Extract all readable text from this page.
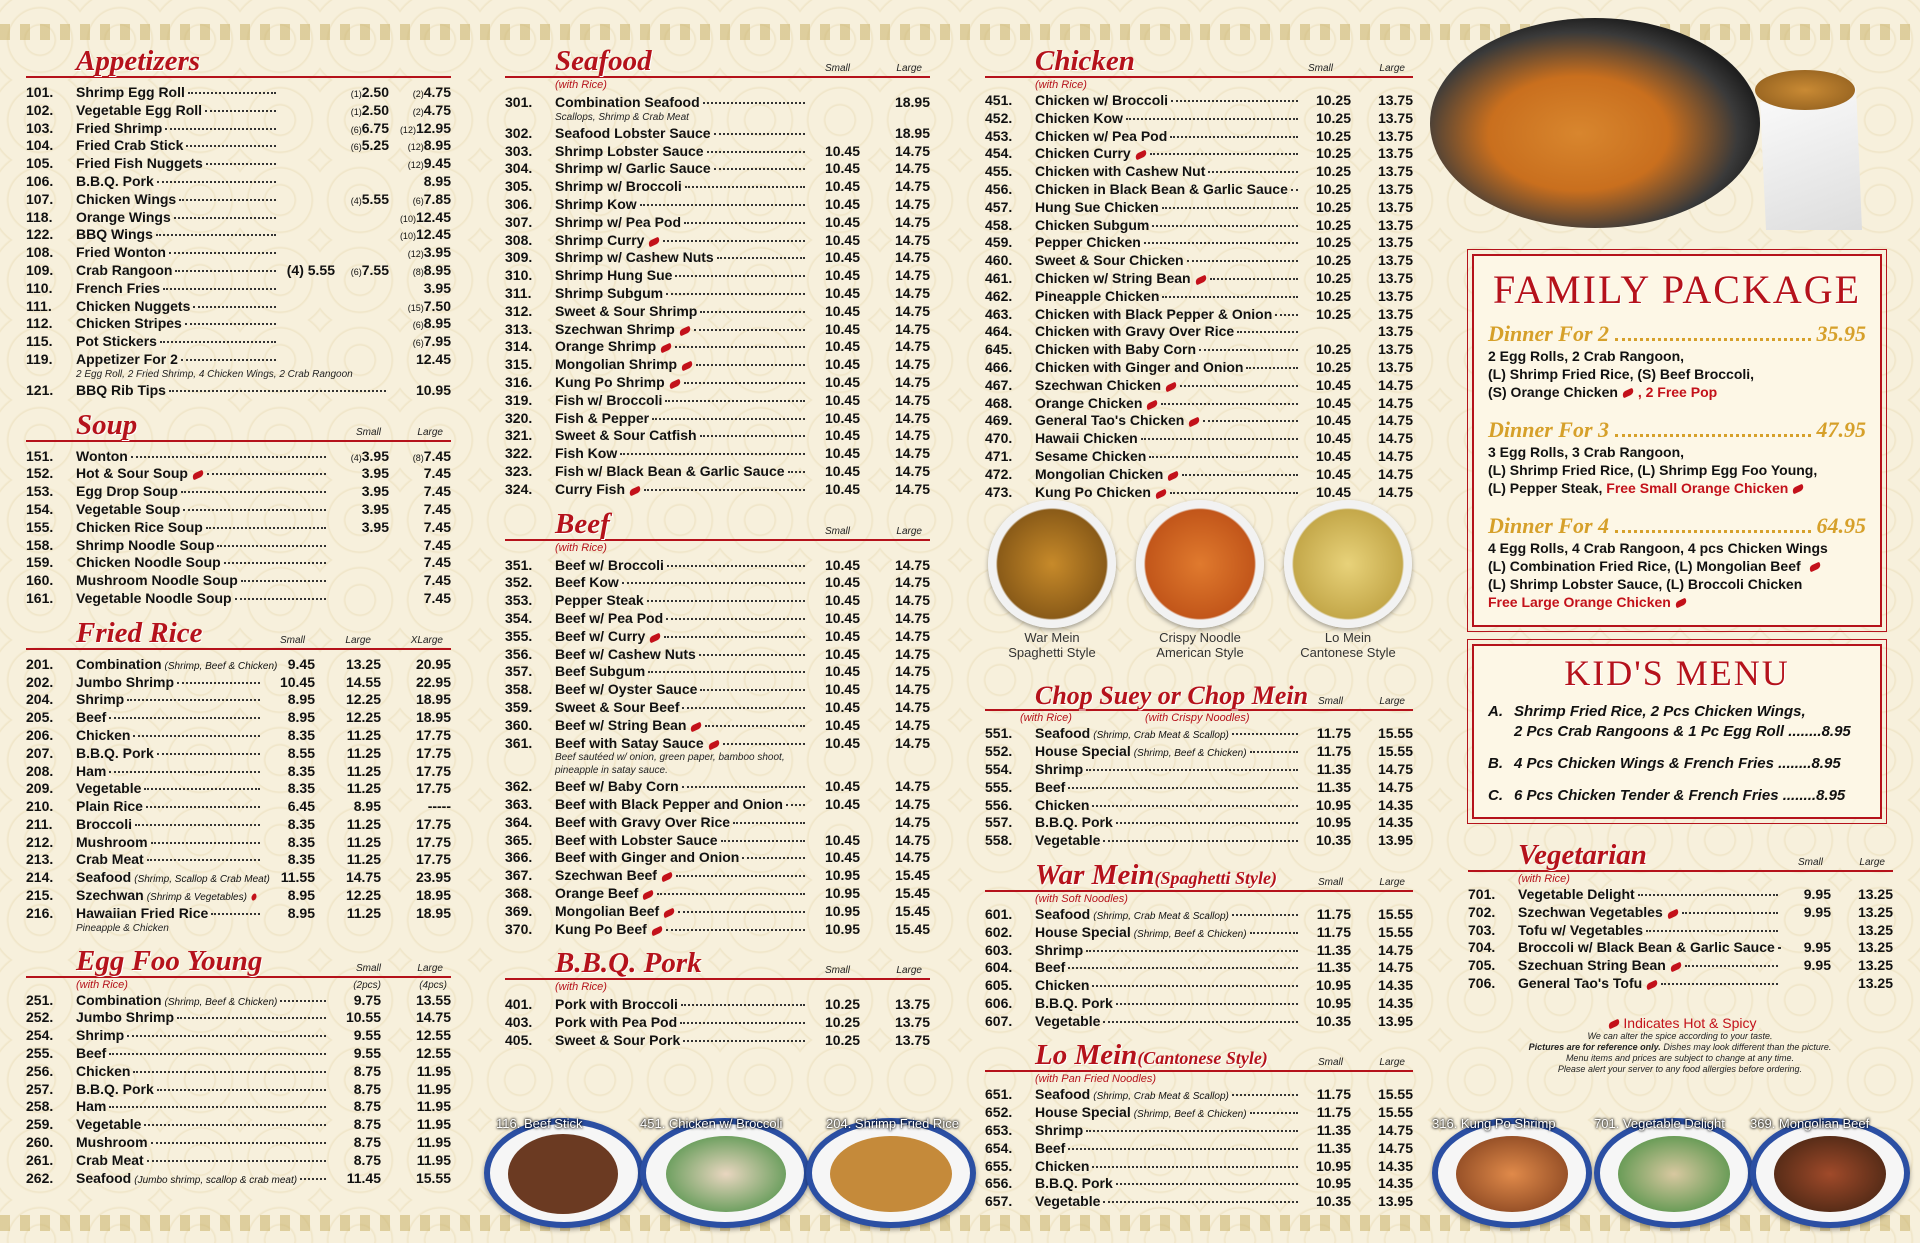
Appetizers
101.	Shrimp Egg Roll	(1)2.50	(2)4.75
102.	Vegetable Egg Roll	(1)2.50	(2)4.75
103.	Fried Shrimp	(6)6.75	(12)12.95
104.	Fried Crab Stick	(6)5.25	(12)8.95
105.	Fried Fish Nuggets	(12)9.45
106.	B.B.Q. Pork	8.95
107.	Chicken Wings	(4)5.55	(6)7.85
118.	Orange Wings	(10)12.45
122.	BBQ Wings	(10)12.45
108.	Fried Wonton	(12)3.95
109.	Crab Rangoon	(4) 5.55	(6)7.55	(8)8.95
110.	French Fries	3.95
111.	Chicken Nuggets	(15)7.50
112.	Chicken Stripes	(6)8.95
115.	Pot Stickers	(6)7.95
119.	Appetizer For 2	12.45
2 Egg Roll, 2 Fried Shrimp, 4 Chicken Wings, 2 Crab Rangoon
121.	BBQ Rib Tips	10.95
Soup	Small	Large
151.	Wonton	(4)3.95	(8)7.45
152.	Hot & Sour Soup	3.95	7.45
153.	Egg Drop Soup	3.95	7.45
154.	Vegetable Soup	3.95	7.45
155.	Chicken Rice Soup	3.95	7.45
158.	Shrimp Noodle Soup	7.45
159.	Chicken Noodle Soup	7.45
160.	Mushroom Noodle Soup	7.45
161.	Vegetable Noodle Soup	7.45
Fried Rice	Small	Large	XLarge
201.	Combination (Shrimp, Beef & Chicken) 9.45	13.25	20.95
202.	Jumbo Shrimp	10.45	14.55	22.95
204.	Shrimp	8.95	12.25	18.95
205.	Beef	8.95	12.25	18.95
206.	Chicken	8.35	11.25	17.75
207.	B.B.Q. Pork	8.55	11.25	17.75
208.	Ham	8.35	11.25	17.75
209.	Vegetable	8.35	11.25	17.75
210.	Plain Rice	6.45	8.95	-----
211.	Broccoli	8.35	11.25	17.75
212.	Mushroom	8.35	11.25	17.75
213.	Crab Meat	8.35	11.25	17.75
214.	Seafood (Shrimp, Scallop & Crab Meat) 11.55	14.75	23.95
215.	Szechwan (Shrimp & Vegetables)	8.95	12.25	18.95
216.	Hawaiian Fried Rice	8.95	11.25	18.95
Pineapple & Chicken
Egg Foo Young
(with Rice)
Small	Large
(2pcs)	(4pcs)
251.	Combination (Shrimp, Beef & Chicken)	9.75	13.55
252.	Jumbo Shrimp	10.55	14.75
254.	Shrimp	9.55	12.55
255.	Beef	9.55	12.55
256.	Chicken	8.75	11.95
257.	B.B.Q. Pork	8.75	11.95
258.	Ham	8.75	11.95
259.	Vegetable	8.75	11.95
260.	Mushroom	8.75	11.95
261.	Crab Meat	8.75	11.95
262.	Seafood (Jumbo shrimp, scallop & crab meat)	11.45	15.55
Seafood
(with Rice)
Small	Large
301.	Combination Seafood	18.95
Scallops, Shrimp & Crab Meat
302.	Seafood Lobster Sauce	18.95
303.	Shrimp Lobster Sauce	10.45	14.75
304.	Shrimp w/ Garlic Sauce	10.45	14.75
305.	Shrimp w/ Broccoli	10.45	14.75
306.	Shrimp Kow	10.45	14.75
307.	Shrimp w/ Pea Pod	10.45	14.75
308.	Shrimp Curry	10.45	14.75
309.	Shrimp w/ Cashew Nuts	10.45	14.75
310.	Shrimp Hung Sue	10.45	14.75
311.	Shrimp Subgum	10.45	14.75
312.	Sweet & Sour Shrimp	10.45	14.75
313.	Szechwan Shrimp	10.45	14.75
314.	Orange Shrimp	10.45	14.75
315.	Mongolian Shrimp	10.45	14.75
316.	Kung Po Shrimp	10.45	14.75
319.	Fish w/ Broccoli	10.45	14.75
320.	Fish & Pepper	10.45	14.75
321.	Sweet & Sour Catfish	10.45	14.75
322.	Fish Kow	10.45	14.75
323.	Fish w/ Black Bean & Garlic Sauce	10.45	14.75
324.	Curry Fish	10.45	14.75
Beef
(with Rice)
Small	Large
351.	Beef w/ Broccoli	10.45	14.75
352.	Beef Kow	10.45	14.75
353.	Pepper Steak	10.45	14.75
354.	Beef w/ Pea Pod	10.45	14.75
355.	Beef w/ Curry	10.45	14.75
356.	Beef w/ Cashew Nuts	10.45	14.75
357.	Beef Subgum	10.45	14.75
358.	Beef w/ Oyster Sauce	10.45	14.75
359.	Sweet & Sour Beef	10.45	14.75
360.	Beef w/ String Bean	10.45	14.75
361.	Beef with Satay Sauce	10.45	14.75
Beef sautéed w/ onion, green paper, bamboo shoot,
pineapple in satay sauce.
362.	Beef w/ Baby Corn	10.45	14.75
363.	Beef with Black Pepper and Onion	10.45	14.75
364.	Beef with Gravy Over Rice	14.75
365.	Beef with Lobster Sauce	10.45	14.75
366.	Beef with Ginger and Onion	10.45	14.75
367.	Szechwan Beef	10.95	15.45
368.	Orange Beef	10.95	15.45
369.	Mongolian Beef	10.95	15.45
370.	Kung Po Beef	10.95	15.45
B.B.Q. Pork
(with Rice)
Small	Large
401.	Pork with Broccoli	10.25	13.75
403.	Pork with Pea Pod	10.25	13.75
405.	Sweet & Sour Pork	10.25	13.75
Chicken
(with Rice)
Small	Large
451.	Chicken w/ Broccoli	10.25	13.75
452.	Chicken Kow	10.25	13.75
453.	Chicken w/ Pea Pod	10.25	13.75
454.	Chicken Curry	10.25	13.75
455.	Chicken with Cashew Nut	10.25	13.75
456.	Chicken in Black Bean & Garlic Sauce	10.25	13.75
457.	Hung Sue Chicken	10.25	13.75
458.	Chicken Subgum	10.25	13.75
459.	Pepper Chicken	10.25	13.75
460.	Sweet & Sour Chicken	10.25	13.75
461.	Chicken w/ String Bean	10.25	13.75
462.	Pineapple Chicken	10.25	13.75
463.	Chicken with Black Pepper & Onion	10.25	13.75
464.	Chicken with Gravy Over Rice	13.75
645.	Chicken with Baby Corn	10.25	13.75
466.	Chicken with Ginger and Onion	10.25	13.75
467.	Szechwan Chicken	10.45	14.75
468.	Orange Chicken	10.45	14.75
469.	General Tao's Chicken	10.45	14.75
470.	Hawaii Chicken	10.45	14.75
471.	Sesame Chicken	10.45	14.75
472.	Mongolian Chicken	10.45	14.75
473.	Kung Po Chicken	10.45	14.75
Chop Suey or Chop Mein Small	Large
(with Rice)	(with Crispy Noodles)
551.	Seafood (Shrimp, Crab Meat & Scallop)	11.75	15.55
552.	House Special (Shrimp, Beef & Chicken)	11.75	15.55
554.	Shrimp	11.35	14.75
555.	Beef	11.35	14.75
556.	Chicken	10.95	14.35
557.	B.B.Q. Pork	10.95	14.35
558.	Vegetable	10.35	13.95
War Mein(Spaghetti Style)
(with Soft Noodles)
Small	Large
601.	Seafood (Shrimp, Crab Meat & Scallop)	11.75	15.55
602.	House Special (Shrimp, Beef & Chicken)	11.75	15.55
603.	Shrimp	11.35	14.75
604.	Beef	11.35	14.75
605.	Chicken	10.95	14.35
606.	B.B.Q. Pork	10.95	14.35
607.	Vegetable	10.35	13.95
Lo Mein(Cantonese Style)
(with Pan Fried Noodles)
Small	Large
651.	Seafood (Shrimp, Crab Meat & Scallop)	11.75	15.55
652.	House Special (Shrimp, Beef & Chicken)	11.75	15.55
653.	Shrimp	11.35	14.75
654.	Beef	11.35	14.75
655.	Chicken	10.95	14.35
656.	B.B.Q. Pork	10.95	14.35
657.	Vegetable	10.35	13.95
FAMILY PACKAGE
Dinner For 2	35.95
2 Egg Rolls, 2 Crab Rangoon,
(L) Shrimp Fried Rice, (S) Beef Broccoli,
(S) Orange Chicken , 2 Free Pop
Dinner For 3	47.95
3 Egg Rolls, 3 Crab Rangoon,
(L) Shrimp Fried Rice, (L) Shrimp Egg Foo Young,
(L) Pepper Steak, Free Small Orange Chicken
Dinner For 4	64.95
4 Egg Rolls, 4 Crab Rangoon, 4 pcs Chicken Wings
(L) Combination Fried Rice, (L) Mongolian Beef
(L) Shrimp Lobster Sauce, (L) Broccoli Chicken
Free Large Orange Chicken
KID'S MENU
A. Shrimp Fried Rice, 2 Pcs Chicken Wings,
2 Pcs Crab Rangoons & 1 Pc Egg Roll ........8.95
B. 4 Pcs Chicken Wings & French Fries ........8.95
C. 6 Pcs Chicken Tender & French Fries ........8.95
Vegetarian
(with Rice)
Small	Large
701.	Vegetable Delight	9.95	13.25
702.	Szechwan Vegetables	9.95	13.25
703.	Tofu w/ Vegetables	13.25
704.	Broccoli w/ Black Bean & Garlic Sauce	9.95	13.25
705.	Szechuan String Bean	9.95	13.25
706.	General Tao's Tofu	13.25
Indicates Hot & Spicy
We can alter the spice according to your taste.
Pictures are for reference only. Dishes may look different than the picture.
Menu items and prices are subject to change at any time.
Please alert your server to any food allergies before ordering.
War Mein
Spaghetti Style
Crispy Noodle
American Style
Lo Mein
Cantonese Style
116. Beef Stick	451. Chicken w/ Broccoli	204. Shrimp Fried Rice	316. Kung Po Shrimp	701. Vegetable Delight 369. Mongolian Beef
